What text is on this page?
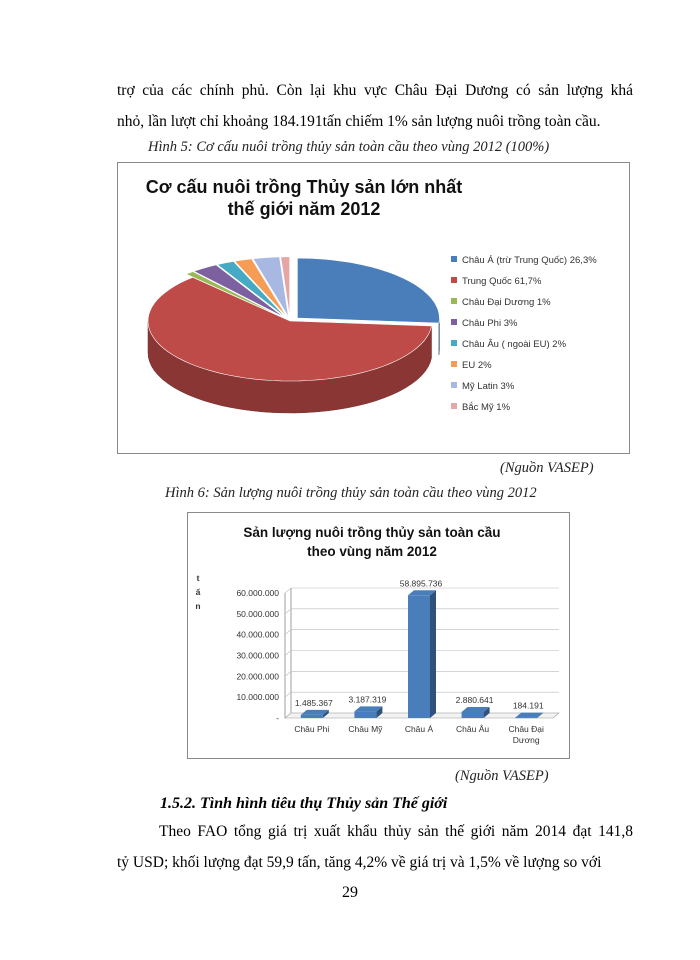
trợ của các chính phủ. Còn lại khu vực Châu Đại Dương có sản lượng khá
nhỏ, lần lượt chỉ khoảng 184.191tấn chiếm 1% sản lượng nuôi trồng toàn cầu.
Hình 5: Cơ cấu nuôi trồng thủy sản toàn cầu theo vùng 2012 (100%)
Cơ cấu nuôi trồng Thủy sản lớn nhất
thế giới năm 2012
Châu Á (trừ Trung Quốc) 26,3%
Trung Quốc 61,7%
Châu Đại Dương 1%
Châu Phi 3%
Châu Âu ( ngoài EU) 2%
EU 2%
Mỹ Latin 3%
Bắc Mỹ 1%
(Nguồn VASEP)
Hình 6: Sản lượng nuôi trồng thủy sản toàn cầu theo vùng 2012
Sản lượng nuôi trồng thủy sản toàn cầu
theo vùng năm 2012
t
ấ
n
-
10.000.000
20.000.000
30.000.000
40.000.000
50.000.000
60.000.000
1.485.367
Châu Phi
3.187.319
Châu Mỹ
58.895.736
Châu Á
2.880.641
Châu Âu
184.191
Châu Đại
Dương
(Nguồn VASEP)
1.5.2. Tình hình tiêu thụ Thủy sản Thế giới
Theo FAO tổng giá trị xuất khẩu thủy sản thế giới năm 2014 đạt 141,8
tỷ USD; khối lượng đạt 59,9 tấn, tăng 4,2% về giá trị và 1,5% về lượng so với
29
